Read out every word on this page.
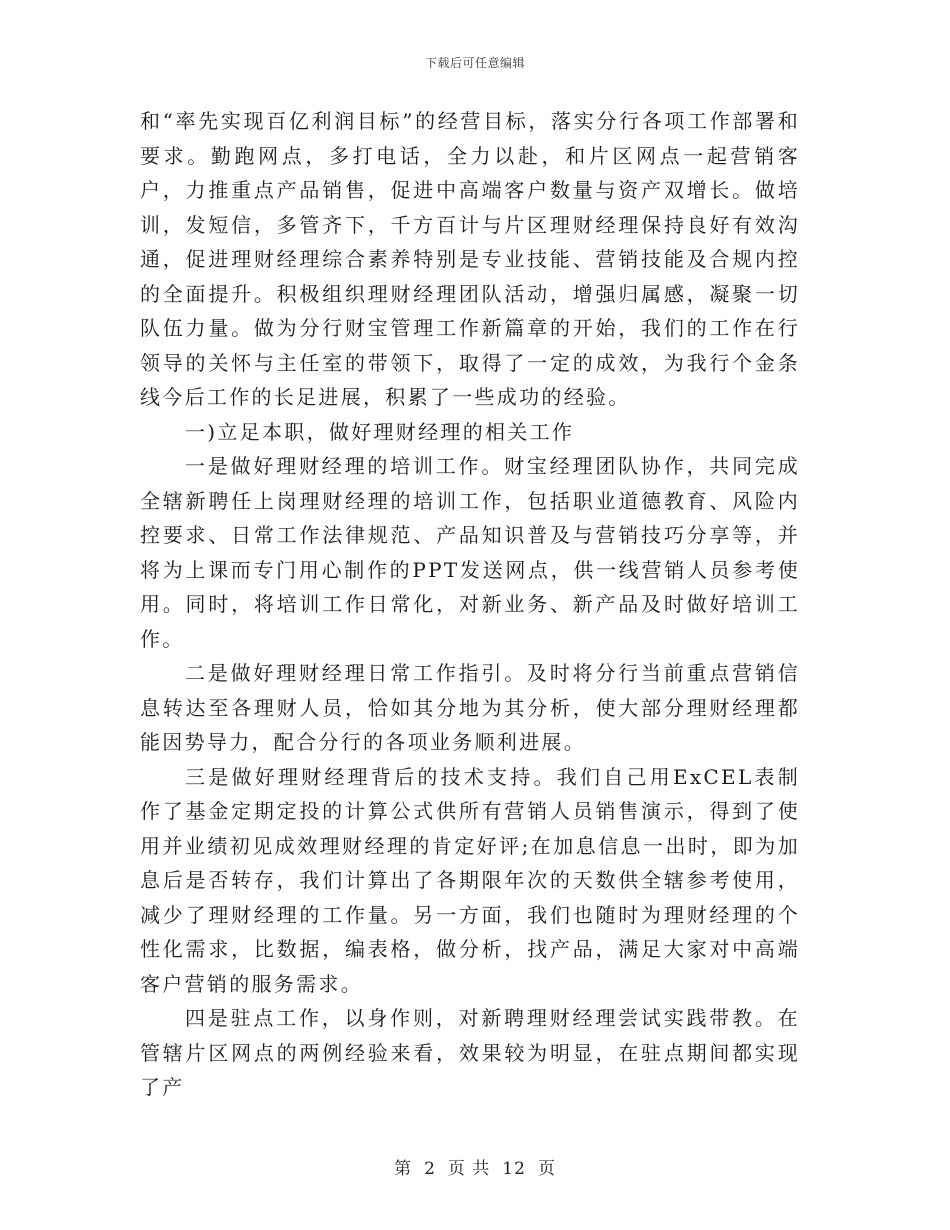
下载后可任意编辑

和“率先实现百亿利润目标”的经营目标，落实分行各项工作部署和要求。勤跑网点，多打电话，全力以赴，和片区网点一起营销客户，力推重点产品销售，促进中高端客户数量与资产双增长。做培训，发短信，多管齐下，千方百计与片区理财经理保持良好有效沟通，促进理财经理综合素养特别是专业技能、营销技能及合规内控的全面提升。积极组织理财经理团队活动，增强归属感，凝聚一切队伍力量。做为分行财宝管理工作新篇章的开始，我们的工作在行领导的关怀与主任室的带领下，取得了一定的成效，为我行个金条线今后工作的长足进展，积累了一些成功的经验。

一)立足本职，做好理财经理的相关工作

一是做好理财经理的培训工作。财宝经理团队协作，共同完成全辖新聘任上岗理财经理的培训工作，包括职业道德教育、风险内控要求、日常工作法律规范、产品知识普及与营销技巧分享等，并将为上课而专门用心制作的PPT发送网点，供一线营销人员参考使用。同时，将培训工作日常化，对新业务、新产品及时做好培训工作。

二是做好理财经理日常工作指引。及时将分行当前重点营销信息转达至各理财人员，恰如其分地为其分析，使大部分理财经理都能因势导力，配合分行的各项业务顺利进展。

三是做好理财经理背后的技术支持。我们自己用ExCEL表制作了基金定期定投的计算公式供所有营销人员销售演示，得到了使用并业绩初见成效理财经理的肯定好评;在加息信息一出时，即为加息后是否转存，我们计算出了各期限年次的天数供全辖参考使用，减少了理财经理的工作量。另一方面，我们也随时为理财经理的个性化需求，比数据，编表格，做分析，找产品，满足大家对中高端客户营销的服务需求。

四是驻点工作，以身作则，对新聘理财经理尝试实践带教。在管辖片区网点的两例经验来看，效果较为明显，在驻点期间都实现了产

第 2 页 共 12 页
